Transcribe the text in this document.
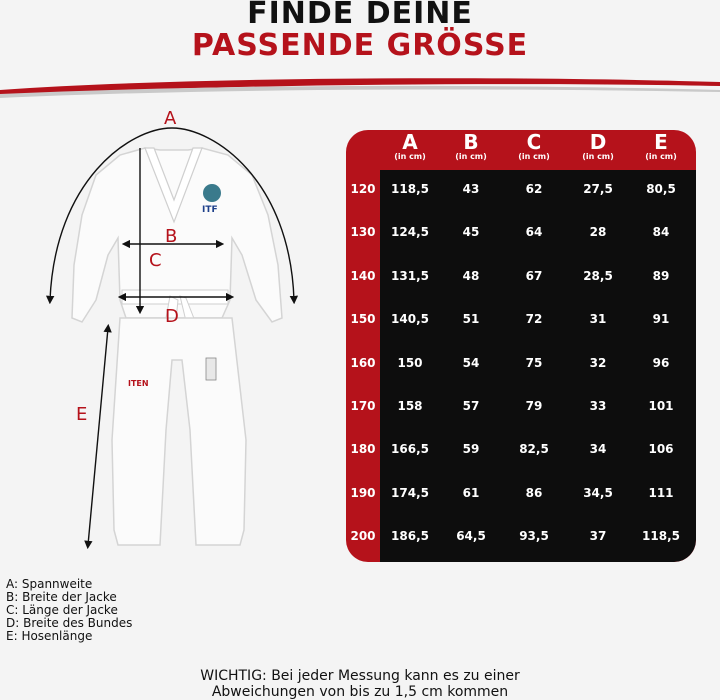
FINDE DEINE
PASSENDE GRÖSSE
ITF
ITEN
A
B
C
D
E
A
(in cm)
B
(in cm)
C
(in cm)
D
(in cm)
E
(in cm)
120	118,5	43	62	27,5	80,5
130	124,5	45	64	28	84
140	131,5	48	67	28,5	89
150	140,5	51	72	31	91
160	150	54	75	32	96
170	158	57	79	33	101
180	166,5	59	82,5	34	106
190	174,5	61	86	34,5	111
200	186,5	64,5	93,5	37	118,5
A: Spannweite
B: Breite der Jacke
C: Länge der Jacke
D: Breite des Bundes
E: Hosenlänge
WICHTIG: Bei jeder Messung kann es zu einer
Abweichungen von bis zu 1,5 cm kommen
